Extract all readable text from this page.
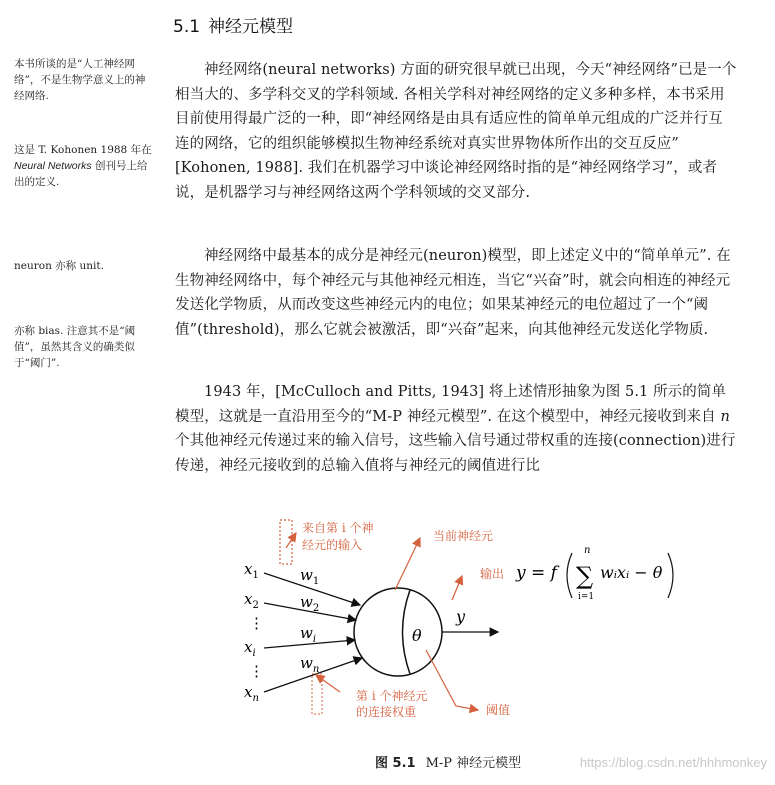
5.1 神经元模型
本书所谈的是“人工神经网络”，不是生物学意义上的神经网络.
这是 T. Kohonen 1988 年在 Neural Networks 创刊号上给出的定义.
neuron 亦称 unit.
亦称 bias. 注意其不是“阈值”，虽然其含义的确类似于“阈门”.

神经网络(neural networks) 方面的研究很早就已出现，今天“神经网络”已是一个相当大的、多学科交叉的学科领域. 各相关学科对神经网络的定义多种多样，本书采用目前使用得最广泛的一种，即“神经网络是由具有适应性的简单单元组成的广泛并行互连的网络，它的组织能够模拟生物神经系统对真实世界物体所作出的交互反应” [Kohonen, 1988]. 我们在机器学习中谈论神经网络时指的是“神经网络学习”，或者说，是机器学习与神经网络这两个学科领域的交叉部分.

神经网络中最基本的成分是神经元(neuron)模型，即上述定义中的“简单单元”. 在生物神经网络中，每个神经元与其他神经元相连，当它“兴奋”时，就会向相连的神经元发送化学物质，从而改变这些神经元内的电位；如果某神经元的电位超过了一个“阈值”(threshold)，那么它就会被激活，即“兴奋”起来，向其他神经元发送化学物质.

1943 年，[McCulloch and Pitts, 1943] 将上述情形抽象为图 5.1 所示的简单模型，这就是一直沿用至今的“M-P 神经元模型”. 在这个模型中，神经元接收到来自 n 个其他神经元传递过来的输入信号，这些输入信号通过带权重的连接(connection)进行传递，神经元接收到的总输入值将与神经元的阈值进行比

$x_1$
$x_2$
⋮
$x_i$
⋮
$x_n$
$w_1$
$w_2$
$w_i$
$w_n$
θ
y
y = f
n
∑
i=1
wᵢxᵢ − θ
来自第 i 个神
经元的输入
当前神经元
输出
第 i 个神经元
的连接权重	阈值
图 5.1 M-P 神经元模型	https://blog.csdn.net/hhhmonkey
